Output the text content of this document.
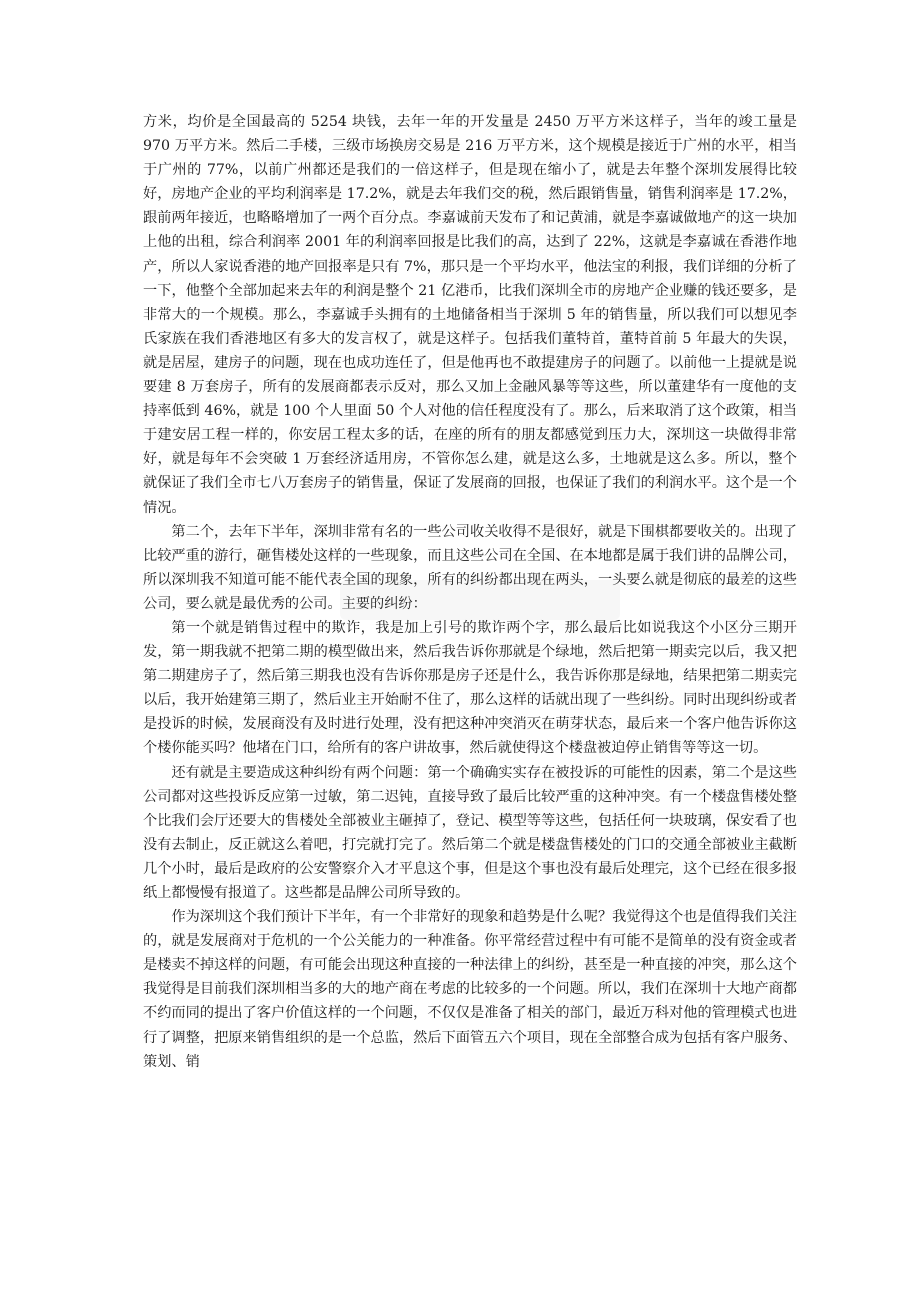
方米，均价是全国最高的 5254 块钱，去年一年的开发量是 2450 万平方米这样子，当年的竣工量是 970 万平方米。然后二手楼，三级市场换房交易是 216 万平方米，这个规模是接近于广州的水平，相当于广州的 77%，以前广州都还是我们的一倍这样子，但是现在缩小了，就是去年整个深圳发展得比较好，房地产企业的平均利润率是 17.2%，就是去年我们交的税，然后跟销售量，销售利润率是 17.2%，跟前两年接近，也略略增加了一两个百分点。李嘉诚前天发布了和记黄浦，就是李嘉诚做地产的这一块加上他的出租，综合利润率 2001 年的利润率回报是比我们的高，达到了 22%，这就是李嘉诚在香港作地产，所以人家说香港的地产回报率是只有 7%，那只是一个平均水平，他法宝的利报，我们详细的分析了一下，他整个全部加起来去年的利润是整个 21 亿港币，比我们深圳全市的房地产企业赚的钱还要多，是非常大的一个规模。那么，李嘉诚手头拥有的土地储备相当于深圳 5 年的销售量，所以我们可以想见李氏家族在我们香港地区有多大的发言权了，就是这样子。包括我们董特首，董特首前 5 年最大的失误，就是居屋，建房子的问题，现在也成功连任了，但是他再也不敢提建房子的问题了。以前他一上提就是说要建 8 万套房子，所有的发展商都表示反对，那么又加上金融风暴等等这些，所以董建华有一度他的支持率低到 46%，就是 100 个人里面 50 个人对他的信任程度没有了。那么，后来取消了这个政策，相当于建安居工程一样的，你安居工程太多的话，在座的所有的朋友都感觉到压力大，深圳这一块做得非常好，就是每年不会突破 1 万套经济适用房，不管你怎么建，就是这么多，土地就是这么多。所以，整个就保证了我们全市七八万套房子的销售量，保证了发展商的回报，也保证了我们的利润水平。这个是一个情况。

第二个，去年下半年，深圳非常有名的一些公司收关收得不是很好，就是下围棋都要收关的。出现了比较严重的游行，砸售楼处这样的一些现象，而且这些公司在全国、在本地都是属于我们讲的品牌公司，所以深圳我不知道可能不能代表全国的现象，所有的纠纷都出现在两头，一头要么就是彻底的最差的这些公司，要么就是最优秀的公司。主要的纠纷：

第一个就是销售过程中的欺诈，我是加上引号的欺诈两个字，那么最后比如说我这个小区分三期开发，第一期我就不把第二期的模型做出来，然后我告诉你那就是个绿地，然后把第一期卖完以后，我又把第二期建房子了，然后第三期我也没有告诉你那是房子还是什么，我告诉你那是绿地，结果把第二期卖完以后，我开始建第三期了，然后业主开始耐不住了，那么这样的话就出现了一些纠纷。同时出现纠纷或者是投诉的时候，发展商没有及时进行处理，没有把这种冲突消灭在萌芽状态，最后来一个客户他告诉你这个楼你能买吗？他堵在门口，给所有的客户讲故事，然后就使得这个楼盘被迫停止销售等等这一切。

还有就是主要造成这种纠纷有两个问题：第一个确确实实存在被投诉的可能性的因素，第二个是这些公司都对这些投诉反应第一过敏，第二迟钝，直接导致了最后比较严重的这种冲突。有一个楼盘售楼处整个比我们会厅还要大的售楼处全部被业主砸掉了，登记、模型等等这些，包括任何一块玻璃，保安看了也没有去制止，反正就这么着吧，打完就打完了。然后第二个就是楼盘售楼处的门口的交通全部被业主截断几个小时，最后是政府的公安警察介入才平息这个事，但是这个事也没有最后处理完，这个已经在很多报纸上都慢慢有报道了。这些都是品牌公司所导致的。

作为深圳这个我们预计下半年，有一个非常好的现象和趋势是什么呢？我觉得这个也是值得我们关注的，就是发展商对于危机的一个公关能力的一种准备。你平常经营过程中有可能不是简单的没有资金或者是楼卖不掉这样的问题，有可能会出现这种直接的一种法律上的纠纷，甚至是一种直接的冲突，那么这个我觉得是目前我们深圳相当多的大的地产商在考虑的比较多的一个问题。所以，我们在深圳十大地产商都不约而同的提出了客户价值这样的一个问题，不仅仅是准备了相关的部门，最近万科对他的管理模式也进行了调整，把原来销售组织的是一个总监，然后下面管五六个项目，现在全部整合成为包括有客户服务、策划、销
